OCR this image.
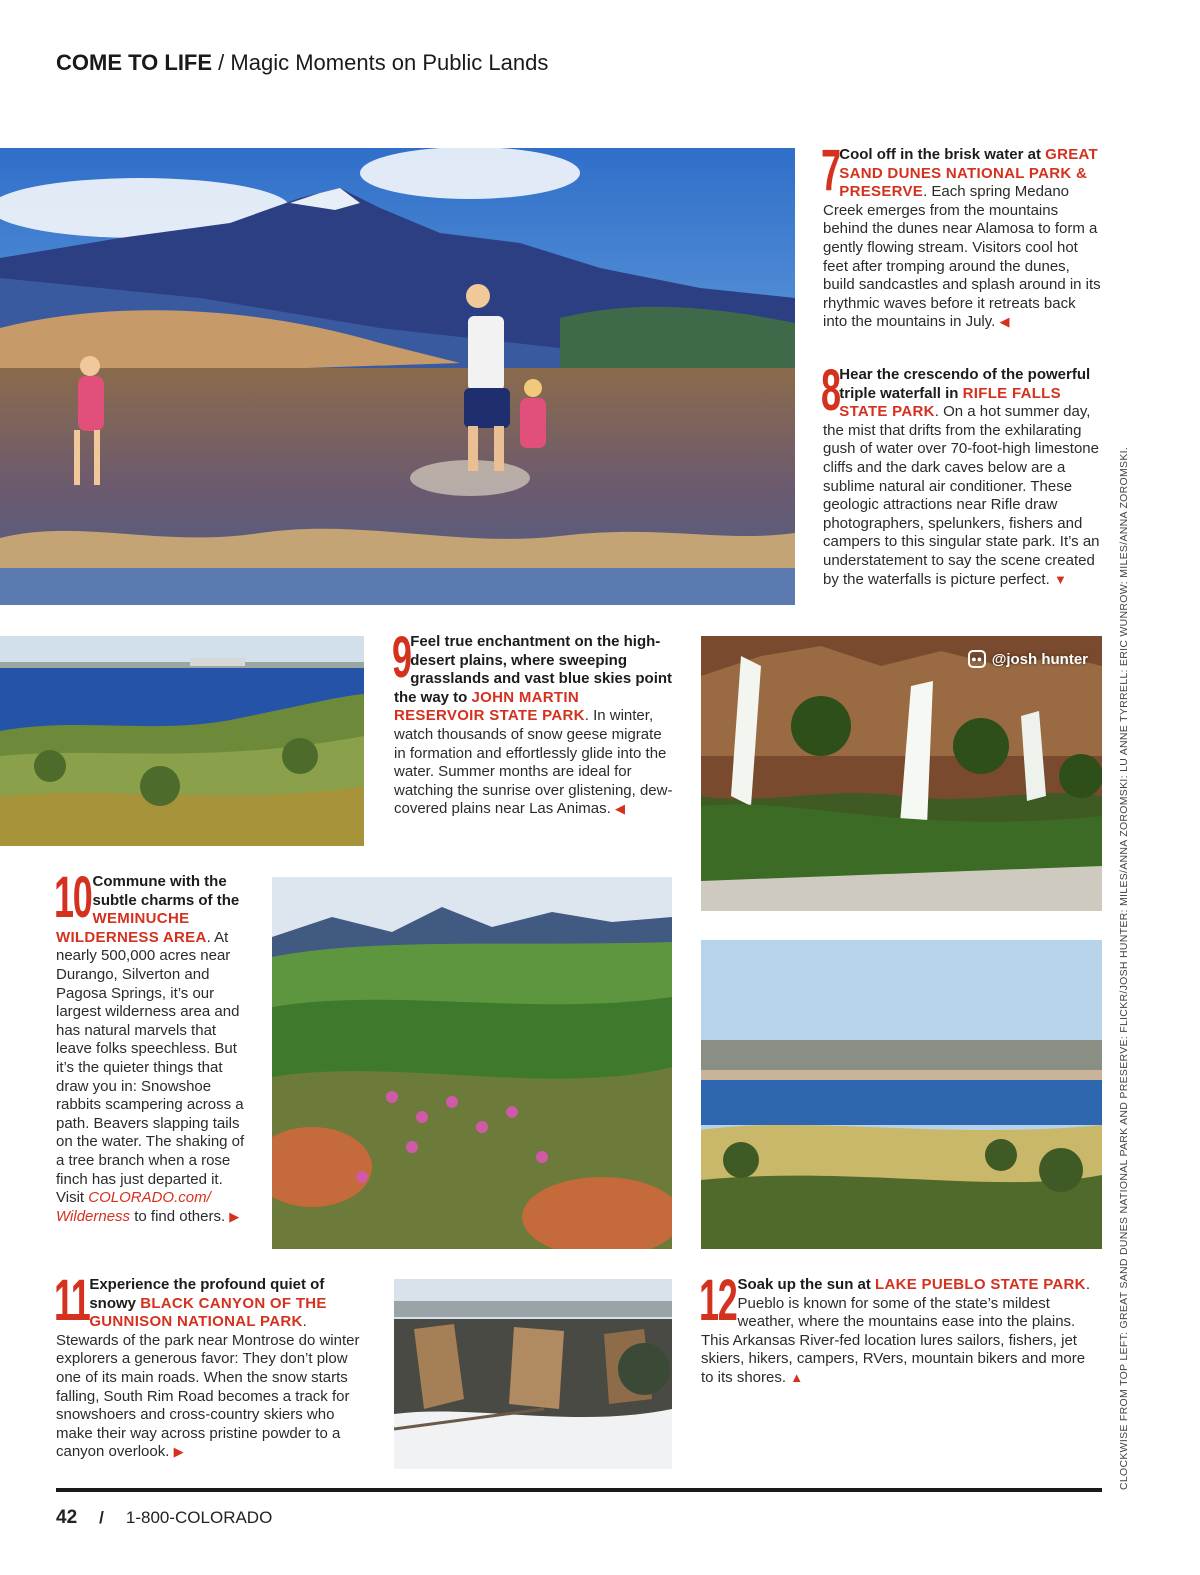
COME TO LIFE / Magic Moments on Public Lands
7 Cool off in the brisk water at GREAT SAND DUNES NATIONAL PARK & PRESERVE. Each spring Medano Creek emerges from the mountains behind the dunes near Alamosa to form a gently flowing stream. Visitors cool hot feet after tromping around the dunes, build sandcastles and splash around in its rhythmic waves before it retreats back into the mountains in July. ◀
8 Hear the crescendo of the powerful triple waterfall in RIFLE FALLS STATE PARK. On a hot summer day, the mist that drifts from the exhilarating gush of water over 70-foot-high limestone cliffs and the dark caves below are a sublime natural air conditioner. These geologic attractions near Rifle draw photographers, spelunkers, fishers and campers to this singular state park. It’s an understatement to say the scene created by the waterfalls is picture perfect. ▼
9 Feel true enchantment on the high-desert plains, where sweeping grasslands and vast blue skies point the way to JOHN MARTIN RESERVOIR STATE PARK. In winter, watch thousands of snow geese migrate in formation and effortlessly glide into the water. Summer months are ideal for watching the sunrise over glistening, dew-covered plains near Las Animas. ◀
●● @josh hunter
10 Commune with the subtle charms of the WEMINUCHE WILDERNESS AREA. At nearly 500,000 acres near Durango, Silverton and Pagosa Springs, it’s our largest wilderness area and has natural marvels that leave folks speechless. But it’s the quieter things that draw you in: Snowshoe rabbits scampering across a path. Beavers slapping tails on the water. The shaking of a tree branch when a rose finch has just departed it. Visit COLORADO.com/ Wilderness to find others. ▶
11 Experience the profound quiet of snowy BLACK CANYON OF THE GUNNISON NATIONAL PARK. Stewards of the park near Montrose do winter explorers a generous favor: They don’t plow one of its main roads. When the snow starts falling, South Rim Road becomes a track for snowshoers and cross-country skiers who make their way across pristine powder to a canyon overlook. ▶
12 Soak up the sun at LAKE PUEBLO STATE PARK. Pueblo is known for some of the state’s mildest weather, where the mountains ease into the plains. This Arkansas River-fed location lures sailors, fishers, jet skiers, hikers, campers, RVers, mountain bikers and more to its shores. ▲	CLOCKWISE FROM TOP LEFT: GREAT SAND DUNES NATIONAL PARK AND PRESERVE: FLICKR/JOSH HUNTER: MILES/ANNA ZOROMSKI: LU ANNE TYRRELL: ERIC WUNROW: MILES/ANNA ZOROMSKI.
42 / 1-800-COLORADO
